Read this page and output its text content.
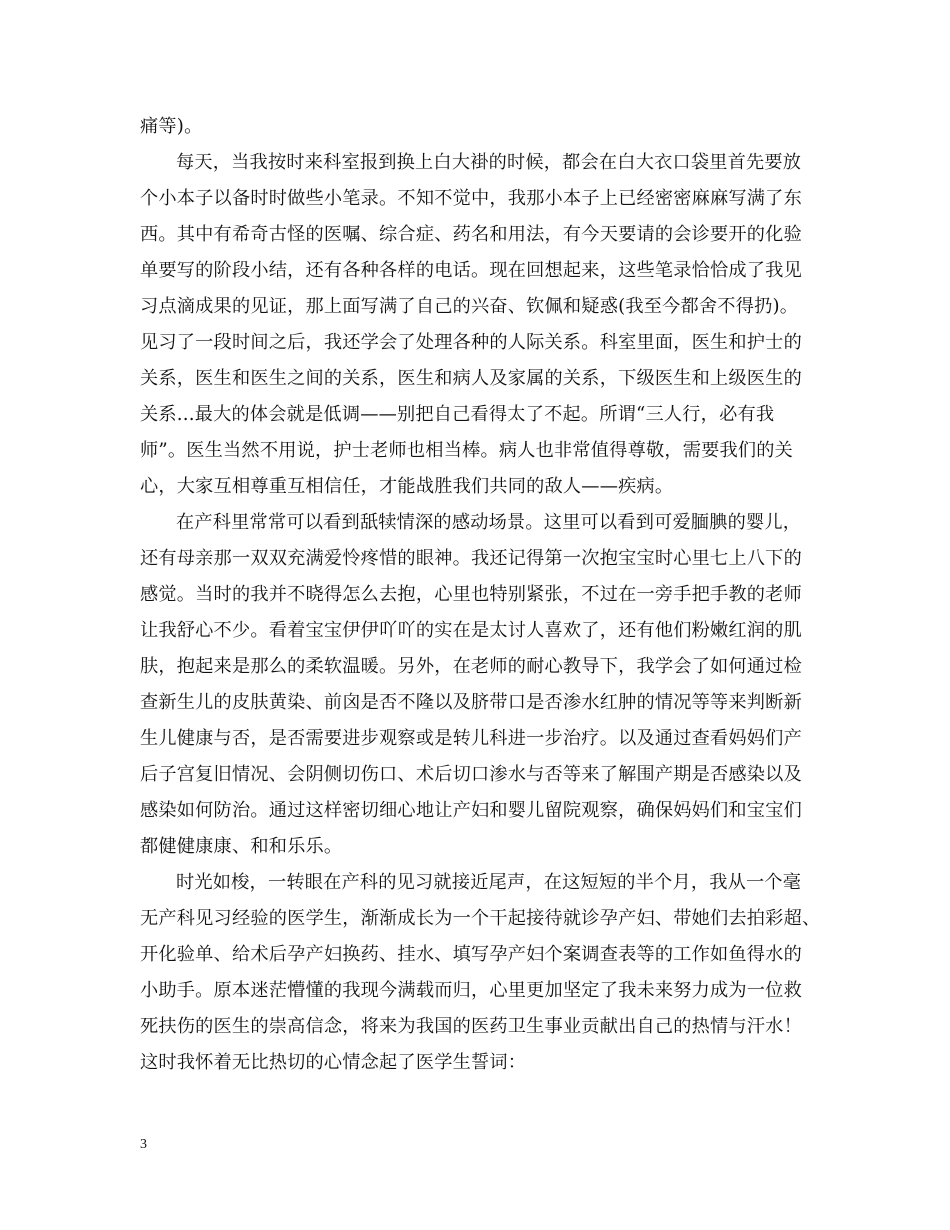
痛等)。
每天，当我按时来科室报到换上白大褂的时候，都会在白大衣口袋里首先要放
个小本子以备时时做些小笔录。不知不觉中，我那小本子上已经密密麻麻写满了东
西。其中有希奇古怪的医嘱、综合症、药名和用法，有今天要请的会诊要开的化验
单要写的阶段小结，还有各种各样的电话。现在回想起来，这些笔录恰恰成了我见
习点滴成果的见证，那上面写满了自己的兴奋、钦佩和疑惑(我至今都舍不得扔)。
见习了一段时间之后，我还学会了处理各种的人际关系。科室里面，医生和护士的
关系，医生和医生之间的关系，医生和病人及家属的关系，下级医生和上级医生的
关系...最大的体会就是低调——别把自己看得太了不起。所谓“三人行，必有我
师”。医生当然不用说，护士老师也相当棒。病人也非常值得尊敬，需要我们的关
心，大家互相尊重互相信任，才能战胜我们共同的敌人——疾病。
在产科里常常可以看到舐犊情深的感动场景。这里可以看到可爱腼腆的婴儿，
还有母亲那一双双充满爱怜疼惜的眼神。我还记得第一次抱宝宝时心里七上八下的
感觉。当时的我并不晓得怎么去抱，心里也特别紧张，不过在一旁手把手教的老师
让我舒心不少。看着宝宝伊伊吖吖的实在是太讨人喜欢了，还有他们粉嫩红润的肌
肤，抱起来是那么的柔软温暖。另外，在老师的耐心教导下，我学会了如何通过检
查新生儿的皮肤黄染、前囟是否不隆以及脐带口是否渗水红肿的情况等等来判断新
生儿健康与否，是否需要进步观察或是转儿科进一步治疗。以及通过查看妈妈们产
后子宫复旧情况、会阴侧切伤口、术后切口渗水与否等来了解围产期是否感染以及
感染如何防治。通过这样密切细心地让产妇和婴儿留院观察，确保妈妈们和宝宝们
都健健康康、和和乐乐。
时光如梭，一转眼在产科的见习就接近尾声，在这短短的半个月，我从一个毫
无产科见习经验的医学生，渐渐成长为一个干起接待就诊孕产妇、带她们去拍彩超、
开化验单、给术后孕产妇换药、挂水、填写孕产妇个案调查表等的工作如鱼得水的
小助手。原本迷茫懵懂的我现今满载而归，心里更加坚定了我未来努力成为一位救
死扶伤的医生的崇高信念，将来为我国的医药卫生事业贡献出自己的热情与汗水！
这时我怀着无比热切的心情念起了医学生誓词：
3
